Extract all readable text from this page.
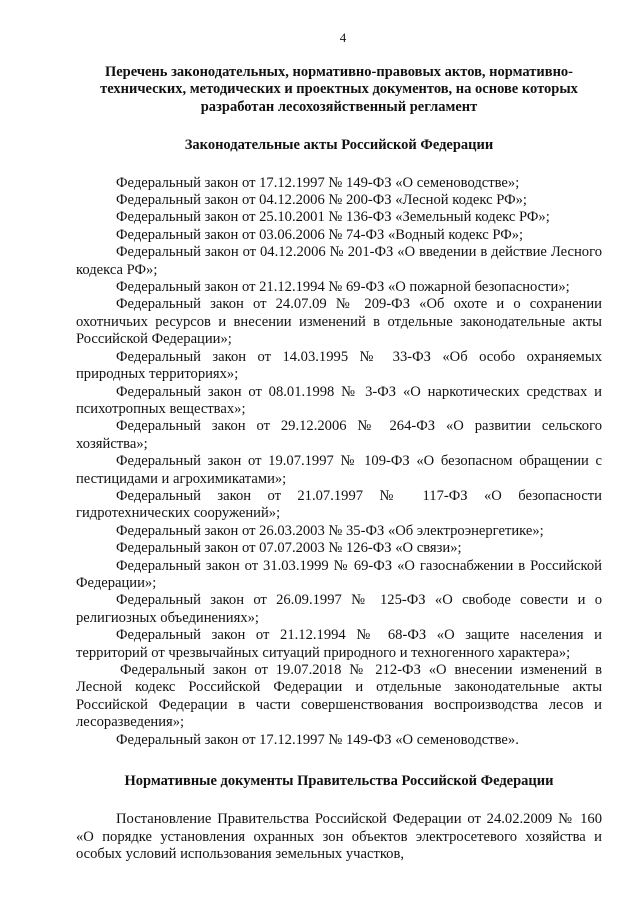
4
Перечень законодательных, нормативно-правовых актов, нормативно-технических, методических и проектных документов, на основе которых разработан лесохозяйственный регламент
Законодательные акты Российской Федерации

Федеральный закон от 17.12.1997 № 149-ФЗ «О семеноводстве»;

Федеральный закон от 04.12.2006 № 200-ФЗ «Лесной кодекс РФ»;

Федеральный закон от 25.10.2001 № 136-ФЗ «Земельный кодекс РФ»;

Федеральный закон от 03.06.2006 № 74-ФЗ «Водный кодекс РФ»;

Федеральный закон от 04.12.2006 № 201-ФЗ «О введении в действие Лесного кодекса РФ»;

Федеральный закон от 21.12.1994 № 69-ФЗ «О пожарной безопасности»;

Федеральный закон от 24.07.09 № 209-ФЗ «Об охоте и о сохранении охотничьих ресурсов и внесении изменений в отдельные законодательные акты Российской Федерации»;

Федеральный закон от 14.03.1995 № 33-ФЗ «Об особо охраняемых природных территориях»;

Федеральный закон от 08.01.1998 № 3-ФЗ «О наркотических средствах и психотропных веществах»;

Федеральный закон от 29.12.2006 № 264-ФЗ «О развитии сельского хозяйства»;

Федеральный закон от 19.07.1997 № 109-ФЗ «О безопасном обращении с пестицидами и агрохимикатами»;

Федеральный закон от 21.07.1997 № 117-ФЗ «О безопасности гидротехнических сооружений»;

Федеральный закон от 26.03.2003 № 35-ФЗ «Об электроэнергетике»;

Федеральный закон от 07.07.2003 № 126-ФЗ «О связи»;

Федеральный закон от 31.03.1999 № 69-ФЗ «О газоснабжении в Российской Федерации»;

Федеральный закон от 26.09.1997 № 125-ФЗ «О свободе совести и о религиозных объединениях»;

Федеральный закон от 21.12.1994 № 68-ФЗ «О защите населения и территорий от чрезвычайных ситуаций природного и техногенного характера»;

Федеральный закон от 19.07.2018 № 212-ФЗ «О внесении изменений в Лесной кодекс Российской Федерации и отдельные законодательные акты Российской Федерации в части совершенствования воспроизводства лесов и лесоразведения»;

Федеральный закон от 17.12.1997 № 149-ФЗ «О семеноводстве».

Нормативные документы Правительства Российской Федерации

Постановление Правительства Российской Федерации от 24.02.2009 № 160 «О порядке установления охранных зон объектов электросетевого хозяйства и особых условий использования земельных участков,
